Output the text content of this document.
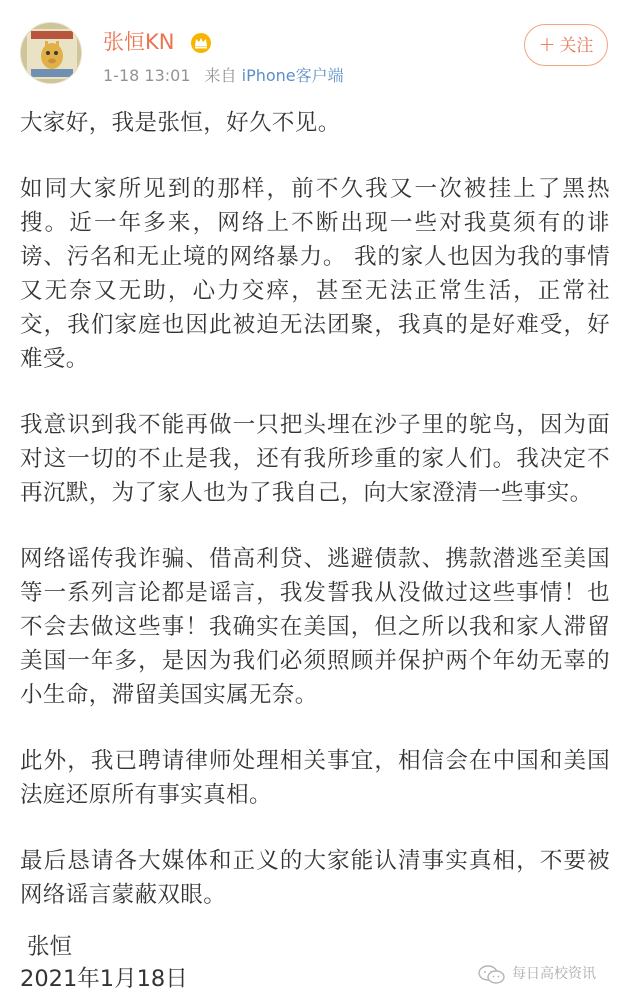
张恒KN
1-18 13:01 来自 iPhone客户端
+ 关注

大家好，我是张恒，好久不见。

如同大家所见到的那样，前不久我又一次被挂上了黑热搜。近一年多来，网络上不断出现一些对我莫须有的诽谤、污名和无止境的网络暴力。 我的家人也因为我的事情又无奈又无助，心力交瘁，甚至无法正常生活，正常社交，我们家庭也因此被迫无法团聚，我真的是好难受，好难受。

我意识到我不能再做一只把头埋在沙子里的鸵鸟，因为面对这一切的不止是我，还有我所珍重的家人们。我决定不再沉默，为了家人也为了我自己，向大家澄清一些事实。

网络谣传我诈骗、借高利贷、逃避债款、携款潜逃至美国等一系列言论都是谣言，我发誓我从没做过这些事情！也不会去做这些事！我确实在美国，但之所以我和家人滞留美国一年多，是因为我们必须照顾并保护两个年幼无辜的小生命，滞留美国实属无奈。

此外，我已聘请律师处理相关事宜，相信会在中国和美国法庭还原所有事实真相。

最后恳请各大媒体和正义的大家能认清事实真相，不要被网络谣言蒙蔽双眼。

张恒
2021年1月18日	每日高校资讯
